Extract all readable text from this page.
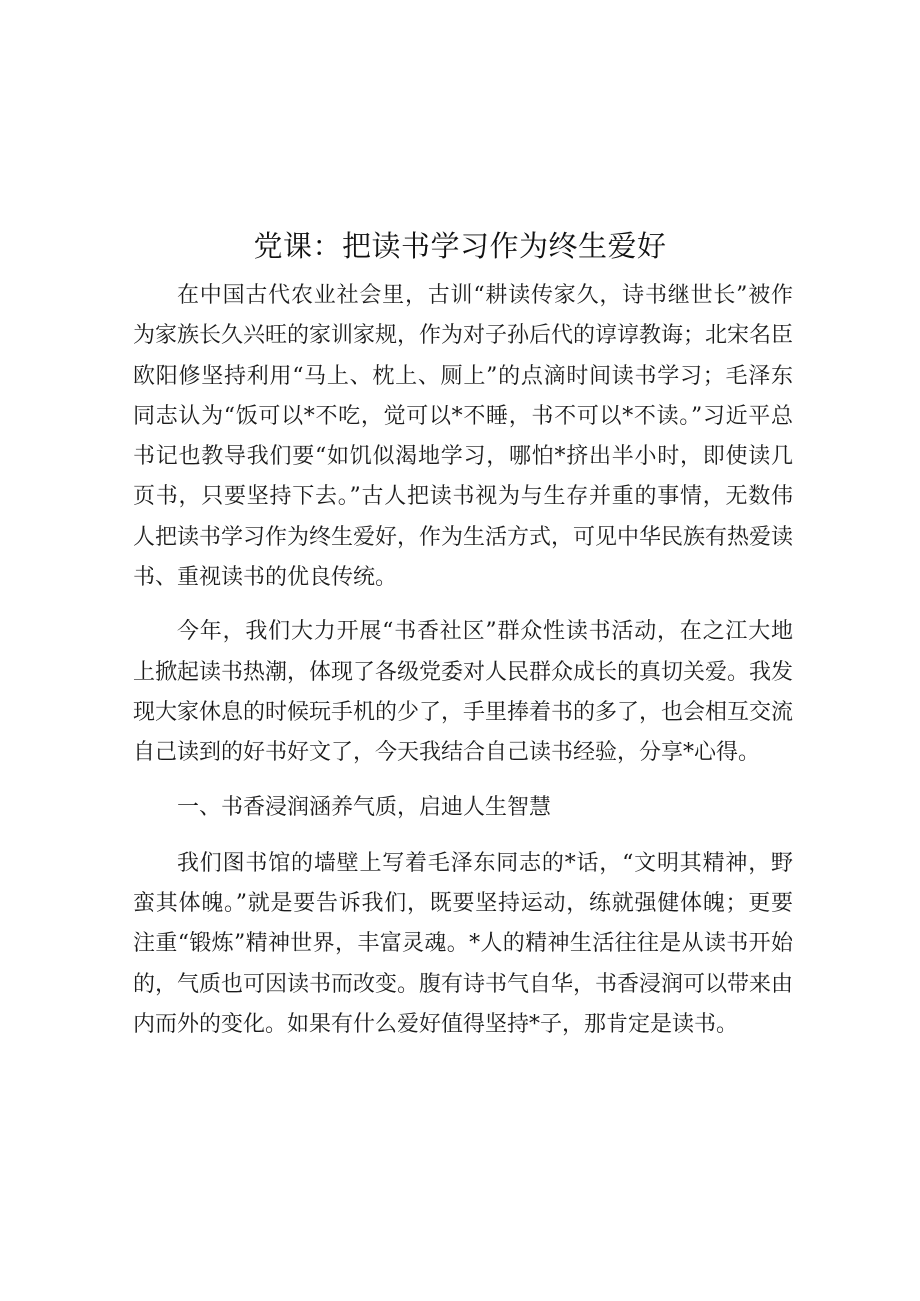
党课：把读书学习作为终生爱好

在中国古代农业社会里，古训“耕读传家久，诗书继世长”被作为家族长久兴旺的家训家规，作为对子孙后代的谆谆教诲；北宋名臣欧阳修坚持利用“马上、枕上、厕上”的点滴时间读书学习；毛泽东同志认为“饭可以*不吃，觉可以*不睡，书不可以*不读。”习近平总书记也教导我们要“如饥似渴地学习，哪怕*挤出半小时，即使读几页书，只要坚持下去。”古人把读书视为与生存并重的事情，无数伟人把读书学习作为终生爱好，作为生活方式，可见中华民族有热爱读书、重视读书的优良传统。

今年，我们大力开展“书香社区”群众性读书活动，在之江大地上掀起读书热潮，体现了各级党委对人民群众成长的真切关爱。我发现大家休息的时候玩手机的少了，手里捧着书的多了，也会相互交流自己读到的好书好文了，今天我结合自己读书经验，分享*心得。

一、书香浸润涵养气质，启迪人生智慧

我们图书馆的墙壁上写着毛泽东同志的*话，“文明其精神，野蛮其体魄。”就是要告诉我们，既要坚持运动，练就强健体魄；更要注重“锻炼”精神世界，丰富灵魂。*人的精神生活往往是从读书开始的，气质也可因读书而改变。腹有诗书气自华，书香浸润可以带来由内而外的变化。如果有什么爱好值得坚持*子，那肯定是读书。
